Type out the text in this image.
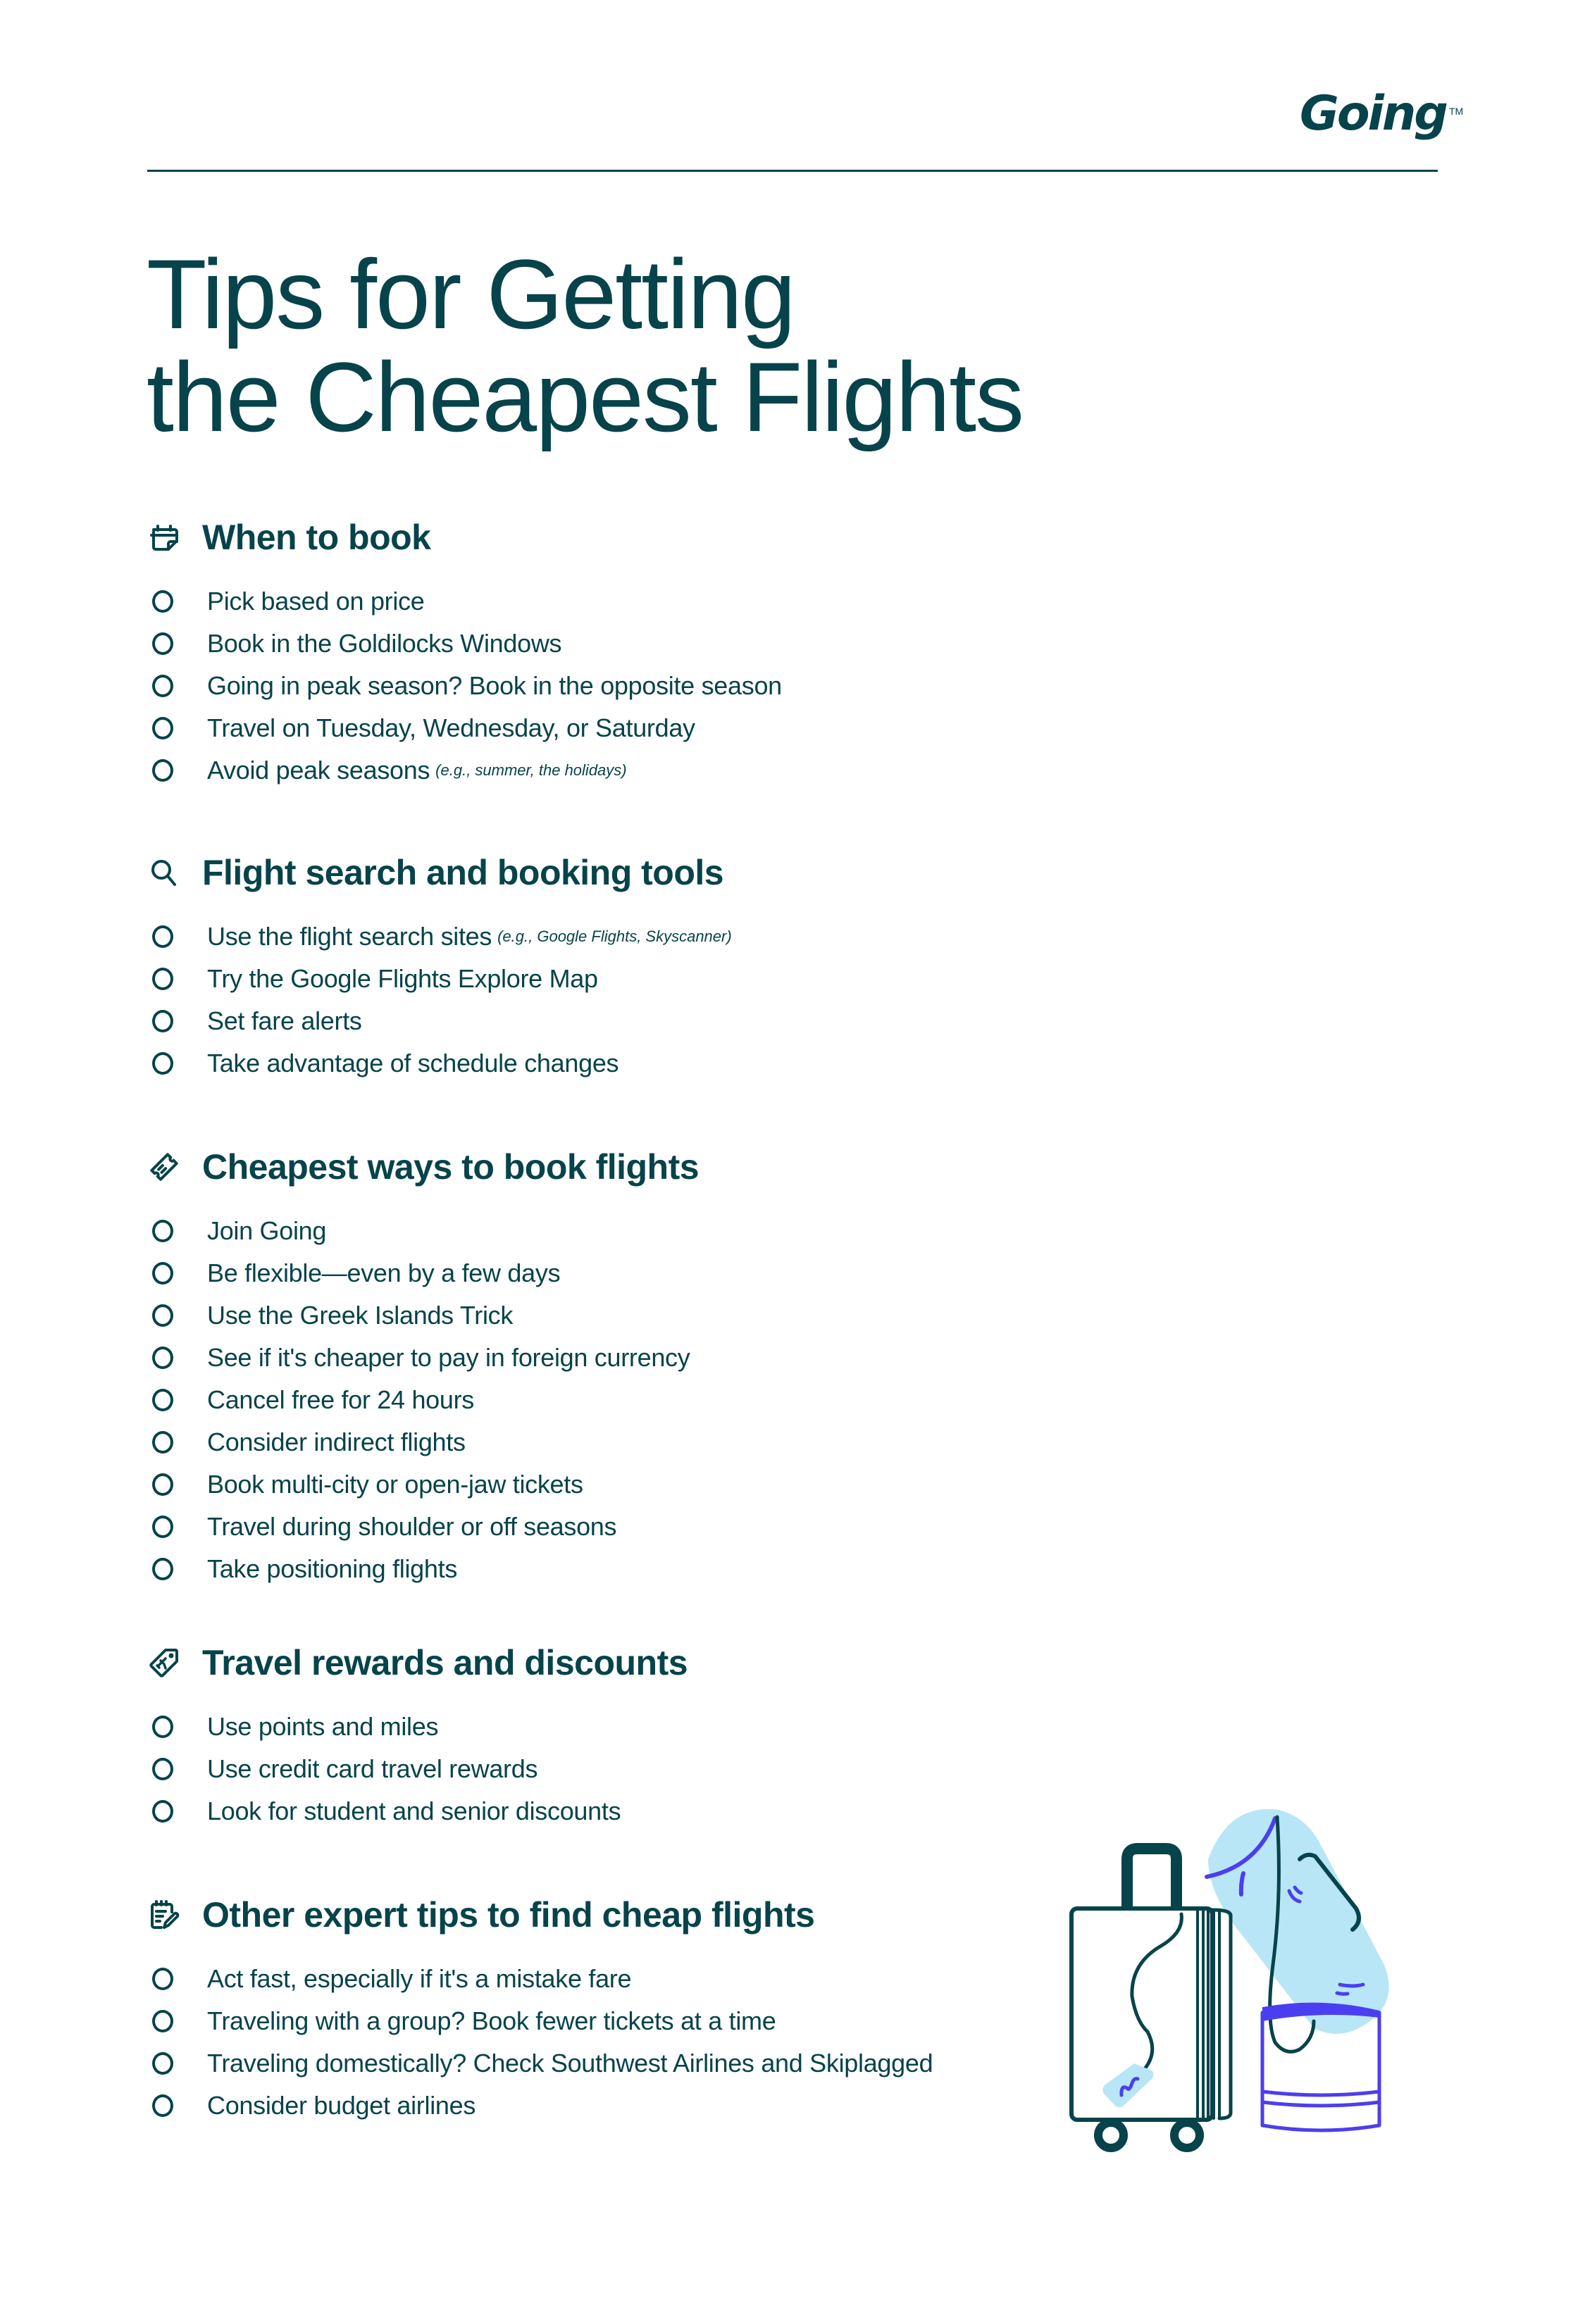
Going TM
Tips for Getting
the Cheapest Flights
When to book
Pick based on price
Book in the Goldilocks Windows
Going in peak season? Book in the opposite season
Travel on Tuesday, Wednesday, or Saturday
Avoid peak seasons (e.g., summer, the holidays)
Flight search and booking tools
Use the flight search sites (e.g., Google Flights, Skyscanner)
Try the Google Flights Explore Map
Set fare alerts
Take advantage of schedule changes
Cheapest ways to book flights
Join Going
Be flexible—even by a few days
Use the Greek Islands Trick
See if it's cheaper to pay in foreign currency
Cancel free for 24 hours
Consider indirect flights
Book multi-city or open-jaw tickets
Travel during shoulder or off seasons
Take positioning flights
Travel rewards and discounts
Use points and miles
Use credit card travel rewards
Look for student and senior discounts
Other expert tips to find cheap flights
Act fast, especially if it's a mistake fare
Traveling with a group? Book fewer tickets at a time
Traveling domestically? Check Southwest Airlines and Skiplagged
Consider budget airlines
